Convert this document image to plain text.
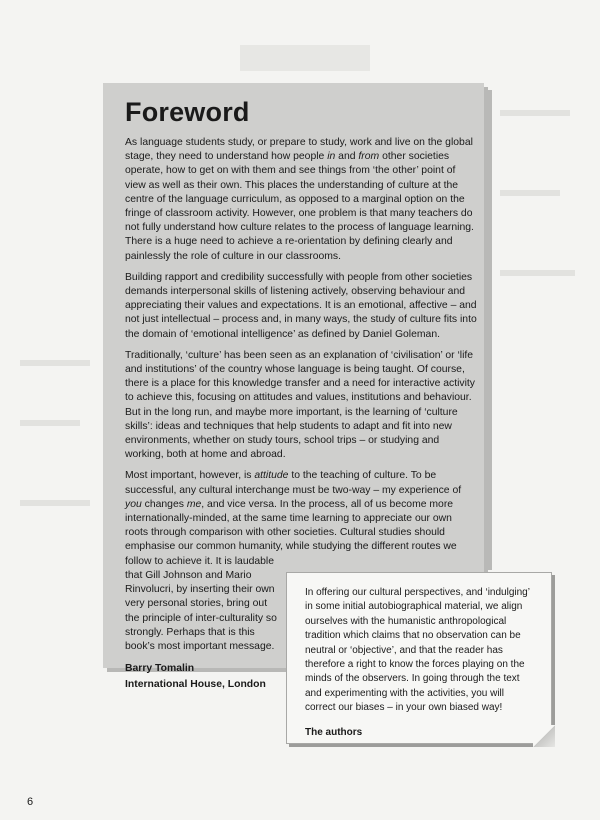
Foreword

As language students study, or prepare to study, work and live on the global stage, they need to understand how people in and from other societies operate, how to get on with them and see things from ‘the other’ point of view as well as their own. This places the understanding of culture at the centre of the language curriculum, as opposed to a marginal option on the fringe of classroom activity. However, one problem is that many teachers do not fully understand how culture relates to the process of language learning. There is a huge need to achieve a re-orientation by defining clearly and painlessly the role of culture in our classrooms.

Building rapport and credibility successfully with people from other societies demands interpersonal skills of listening actively, observing behaviour and appreciating their values and expectations. It is an emotional, affective – and not just intellectual – process and, in many ways, the study of culture fits into the domain of ‘emotional intelligence’ as defined by Daniel Goleman.

Traditionally, ‘culture’ has been seen as an explanation of ‘civilisation’ or ‘life and institutions’ of the country whose language is being taught. Of course, there is a place for this knowledge transfer and a need for interactive activity to achieve this, focusing on attitudes and values, institutions and behaviour. But in the long run, and maybe more important, is the learning of ‘culture skills’: ideas and techniques that help students to adapt and fit into new environments, whether on study tours, school trips – or studying and working, both at home and abroad.

Most important, however, is attitude to the teaching of culture. To be successful, any cultural interchange must be two-way – my experience of you changes me, and vice versa. In the process, all of us become more internationally-minded, at the same time learning to appreciate our own roots through comparison with other societies. Cultural studies should emphasise our common humanity, while studying the different routes we follow to achieve it. It is laudable that Gill Johnson and Mario Rinvolucri, by inserting their own very personal stories, bring out the principle of inter-culturality so strongly. Perhaps that is this book’s most important message.

Barry Tomalin

International House, London

In offering our cultural perspectives, and ‘indulging’ in some initial autobiographical material, we align ourselves with the humanistic anthropological tradition which claims that no observation can be neutral or ‘objective’, and that the reader has therefore a right to know the forces playing on the minds of the observers. In going through the text and experimenting with the activities, you will correct our biases – in your own biased way!

The authors

6
